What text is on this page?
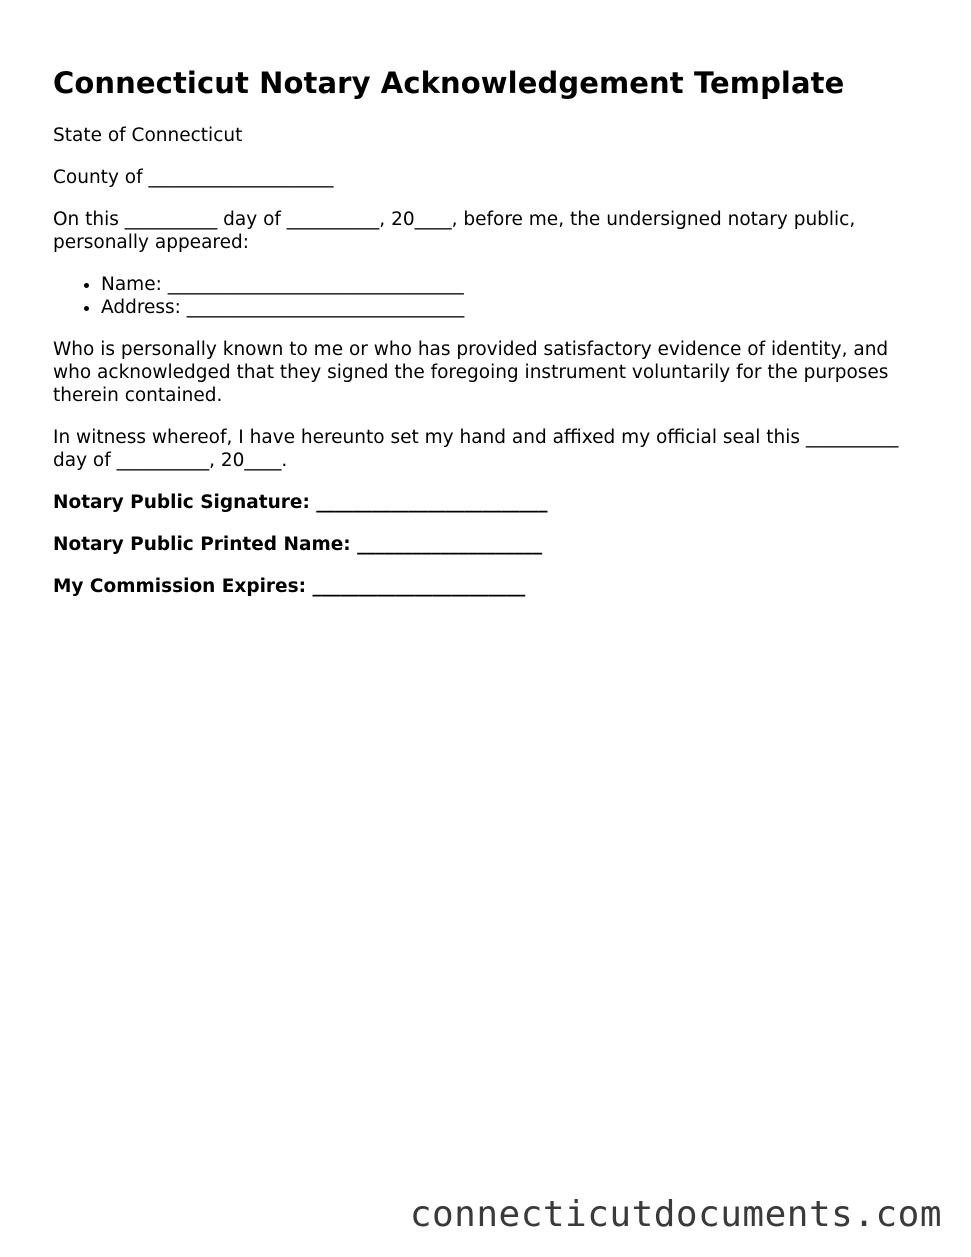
Connecticut Notary Acknowledgement Template

State of Connecticut

County of ____________________

On this __________ day of __________, 20____, before me, the undersigned notary public, personally appeared:

• Name: ________________________________
• Address: ______________________________

Who is personally known to me or who has provided satisfactory evidence of identity, and who acknowledged that they signed the foregoing instrument voluntarily for the purposes therein contained.

In witness whereof, I have hereunto set my hand and affixed my official seal this __________ day of __________, 20____.

Notary Public Signature: _________________________

Notary Public Printed Name: ____________________

My Commission Expires: _______________________

connecticutdocuments.com
